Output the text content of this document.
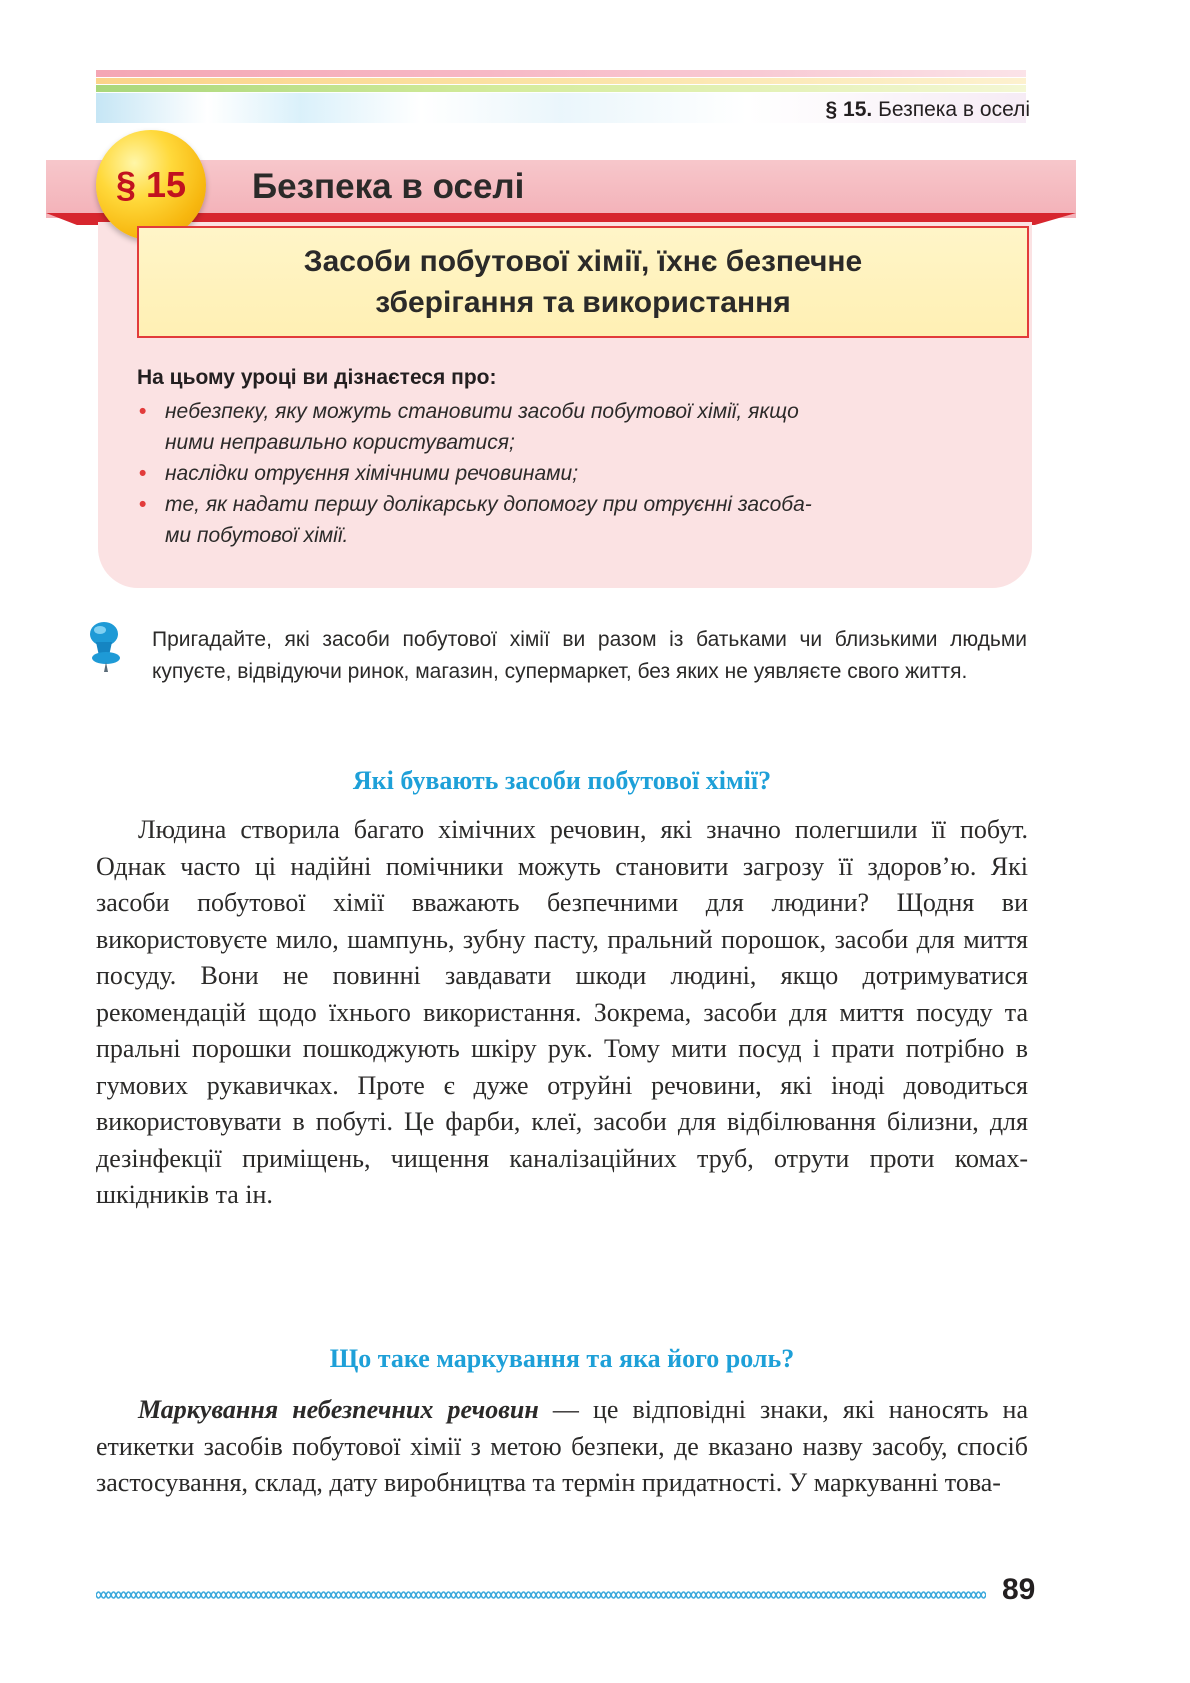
§ 15. Безпека в оселі
§ 15	Безпека в оселі
Засоби побутової хімії, їхнє безпечне
зберігання та використання
На цьому уроці ви дізнаєтеся про:
• небезпеку, яку можуть становити засоби побутової хімії, якщо
ними неправильно користуватися;
• наслідки отруєння хімічними речовинами;
• те, як надати першу долікарську допомогу при отруєнні засоба-
ми побутової хімії.
Пригадайте, які засоби побутової хімії ви разом із батьками чи близькими людьми купуєте, відвідуючи ринок, магазин, супермаркет, без яких не уявляєте свого життя.
Які бувають засоби побутової хімії?
Людина створила багато хімічних речовин, які значно полегшили її побут. Однак часто ці надійні помічники можуть становити загрозу її здоров’ю. Які засоби побутової хімії вважають безпечними для людини? Щодня ви використовуєте мило, шампунь, зубну пасту, пральний порошок, засоби для миття посуду. Вони не повинні завдавати шкоди людині, якщо дотримуватися рекомендацій щодо їхнього використання. Зокрема, засоби для миття посуду та пральні порошки пошкоджують шкіру рук. Тому мити посуд і прати потрібно в гумових рукавичках. Проте є дуже отруйні речовини, які іноді доводиться використовувати в побуті. Це фарби, клеї, засоби для відбілювання білизни, для дезінфекції приміщень, чищення каналізаційних труб, отрути проти комах-шкідників та ін.
Що таке маркування та яка його роль?
Маркування небезпечних речовин — це відповідні знаки, які наносять на етикетки засобів побутової хімії з метою безпеки, де вказано назву засобу, спосіб застосування, склад, дату виробництва та термін придатності. У маркуванні това-
89
